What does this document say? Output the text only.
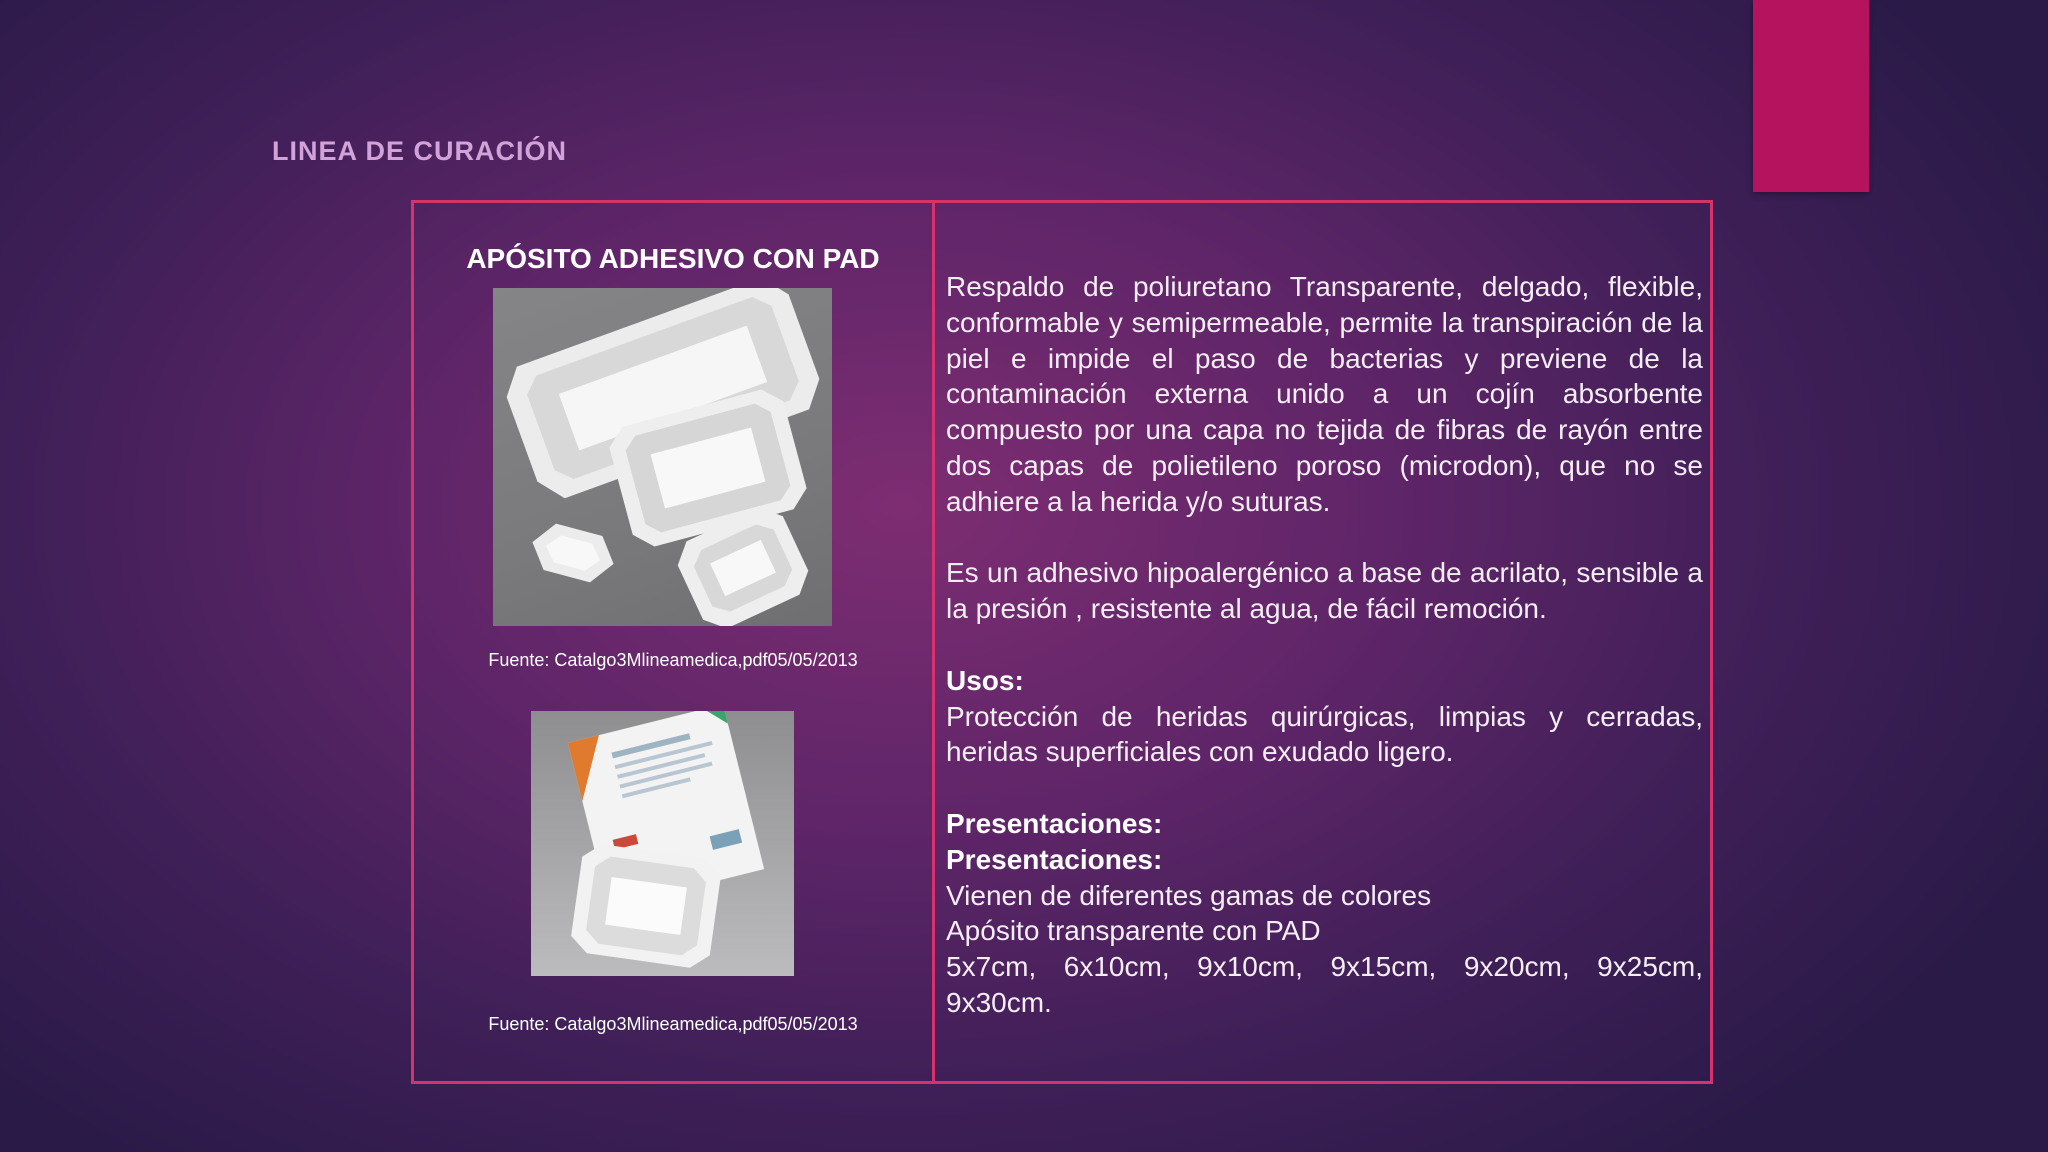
LINEA DE CURACIÓN
APÓSITO ADHESIVO CON PAD
Fuente: Catalgo3Mlineamedica,pdf05/05/2013
Fuente: Catalgo3Mlineamedica,pdf05/05/2013

Respaldo de poliuretano Transparente, delgado, flexible, conformable y semipermeable, permite la transpiración de la piel e impide el paso de bacterias y previene de la contaminación externa unido a un cojín absorbente compuesto por una capa no tejida de fibras de rayón entre dos capas de polietileno poroso (microdon), que no se adhiere a la herida y/o suturas.

Es un adhesivo hipoalergénico a base de acrilato, sensible a la presión , resistente al agua, de fácil remoción.

Usos:
Protección de heridas quirúrgicas, limpias y cerradas, heridas superficiales con exudado ligero.

Presentaciones:
Presentaciones:
Vienen de diferentes gamas de colores
Apósito transparente con PAD
5x7cm, 6x10cm, 9x10cm, 9x15cm, 9x20cm, 9x25cm, 9x30cm.
